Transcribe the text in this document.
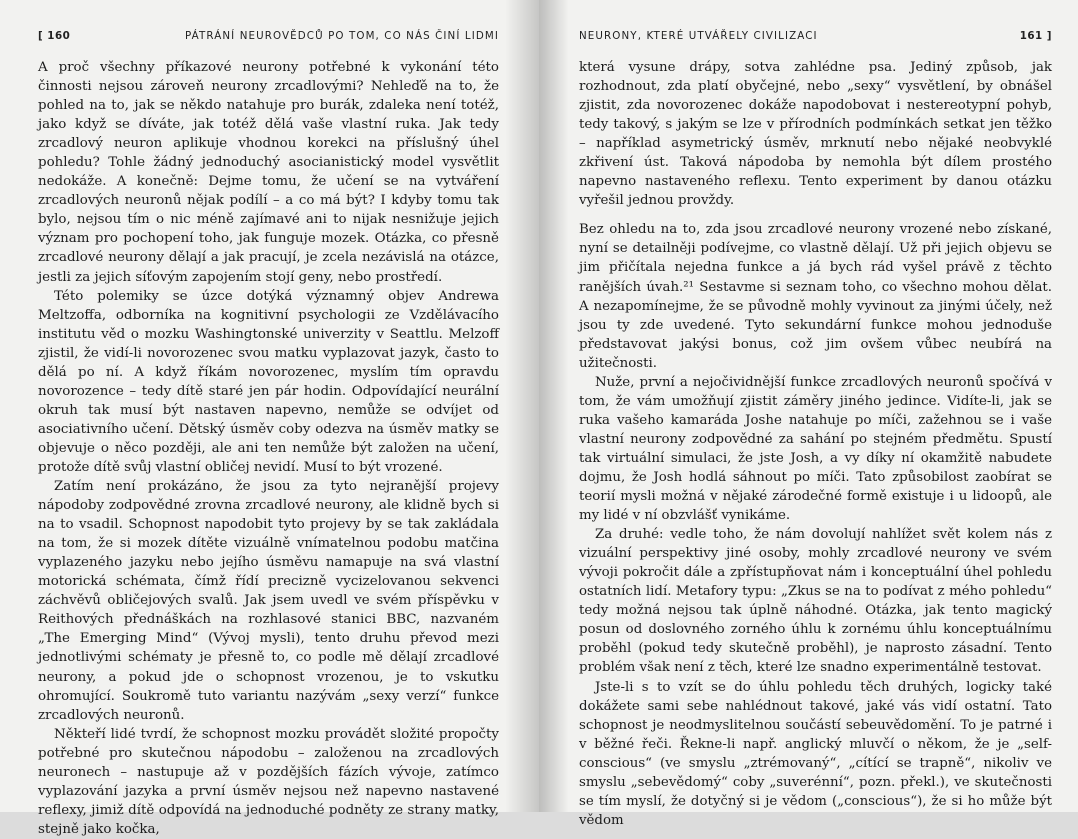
[ 160	PÁTRÁNÍ NEUROVĚDCŮ PO TOM, CO NÁS ČINÍ LIDMI

A proč všechny příkazové neurony potřebné k vykonání této činnosti nejsou zároveň neurony zrcadlovými? Nehleďě na to, že pohled na to, jak se někdo natahuje pro burák, zdaleka není totéž, jako když se díváte, jak totéž dělá vaše vlastní ruka. Jak tedy zrcadlový neuron aplikuje vhodnou korekci na příslušný úhel pohledu? Tohle žádný jednoduchý asocianistický model vysvětlit nedokáže. A konečně: Dejme tomu, že učení se na vytváření zrcadlových neuronů nějak podílí – a co má být? I kdyby tomu tak bylo, nejsou tím o nic méně zajímavé ani to nijak nesnižuje jejich význam pro pochopení toho, jak funguje mozek. Otázka, co přesně zrcadlové neurony dělají a jak pracují, je zcela nezávislá na otázce, jestli za jejich síťovým zapojením stojí geny, nebo prostředí.

Této polemiky se úzce dotýká významný objev Andrewa Meltzoffa, odborníka na kognitivní psychologii ze Vzdělávacího institutu věd o mozku Washingtonské univerzity v Seattlu. Melzoff zjistil, že vidí-li novorozenec svou matku vyplazovat jazyk, často to dělá po ní. A když říkám novorozenec, myslím tím opravdu novorozence – tedy dítě staré jen pár hodin. Odpovídající neurální okruh tak musí být nastaven napevno, nemůže se odvíjet od asociativního učení. Dětský úsměv coby odezva na úsměv matky se objevuje o něco později, ale ani ten nemůže být založen na učení, protože dítě svůj vlastní obličej nevidí. Musí to být vrozené.

Zatím není prokázáno, že jsou za tyto nejranější projevy nápodoby zodpovědné zrovna zrcadlové neurony, ale klidně bych si na to vsadil. Schopnost napodobit tyto projevy by se tak zakládala na tom, že si mozek dítěte vizuálně vnímatelnou podobu matčina vyplazeného jazyku nebo jejího úsměvu namapuje na svá vlastní motorická schémata, čímž řídí precizně vycizelovanou sekvenci záchvěvů obličejových svalů. Jak jsem uvedl ve svém příspěvku v Reithových přednáškách na rozhlasové stanici BBC, nazvaném „The Emerging Mind“ (Vývoj mysli), tento druhu převod mezi jednotlivými schématy je přesně to, co podle mě dělají zrcadlové neurony, a pokud jde o schopnost vrozenou, je to vskutku ohromující. Soukromě tuto variantu nazývám „sexy verzí“ funkce zrcadlových neuronů.

Někteří lidé tvrdí, že schopnost mozku provádět složité propočty potřebné pro skutečnou nápodobu – založenou na zrcadlových neuronech – nastupuje až v pozdějších fázích vývoje, zatímco vyplazování jazyka a první úsměv nejsou než napevno nastavené reflexy, jimiž dítě odpovídá na jednoduché podněty ze strany matky, stejně jako kočka,

NEURONY, KTERÉ UTVÁŘELY CIVILIZACI	161 ]

která vysune drápy, sotva zahlédne psa. Jediný způsob, jak rozhodnout, zda platí obyčejné, nebo „sexy“ vysvětlení, by obnášel zjistit, zda novorozenec dokáže napodobovat i nestereotypní pohyb, tedy takový, s jakým se lze v přírodních podmínkách setkat jen těžko – například asymetrický úsměv, mrknutí nebo nějaké neobvyklé zkřivení úst. Taková nápodoba by nemohla být dílem prostého napevno nastaveného reflexu. Tento experiment by danou otázku vyřešil jednou provždy.

Bez ohledu na to, zda jsou zrcadlové neurony vrozené nebo získané, nyní se detailněji podívejme, co vlastně dělají. Už při jejich objevu se jim přičítala nejedna funkce a já bych rád vyšel právě z těchto ranějších úvah.²¹ Sestavme si seznam toho, co všechno mohou dělat. A nezapomínejme, že se původně mohly vyvinout za jinými účely, než jsou ty zde uvedené. Tyto sekundární funkce mohou jednoduše představovat jakýsi bonus, což jim ovšem vůbec neubírá na užitečnosti.

Nuže, první a nejočividnější funkce zrcadlových neuronů spočívá v tom, že vám umožňují zjistit záměry jiného jedince. Vidíte-li, jak se ruka vašeho kamaráda Joshe natahuje po míči, zažehnou se i vaše vlastní neurony zodpovědné za sahání po stejném předmětu. Spustí tak virtuální simulaci, že jste Josh, a vy díky ní okamžitě nabudete dojmu, že Josh hodlá sáhnout po míči. Tato způsobilost zaobírat se teorií mysli možná v nějaké zárodečné formě existuje i u lidoopů, ale my lidé v ní obzvlášť vynikáme.

Za druhé: vedle toho, že nám dovolují nahlížet svět kolem nás z vizuální perspektivy jiné osoby, mohly zrcadlové neurony ve svém vývoji pokročit dále a zpřístupňovat nám i konceptuální úhel pohledu ostatních lidí. Metafory typu: „Zkus se na to podívat z mého pohledu“ tedy možná nejsou tak úplně náhodné. Otázka, jak tento magický posun od doslovného zorného úhlu k zornému úhlu konceptuálnímu proběhl (pokud tedy skutečně proběhl), je naprosto zásadní. Tento problém však není z těch, které lze snadno experimentálně testovat.

Jste-li s to vzít se do úhlu pohledu těch druhých, logicky také dokážete sami sebe nahlédnout takové, jaké vás vidí ostatní. Tato schopnost je neodmyslitelnou součástí sebeuvědomění. To je patrné i v běžné řeči. Řekne-li např. anglický mluvčí o někom, že je „self-conscious“ (ve smyslu „ztrémovaný“, „cítící se trapně“, nikoliv ve smyslu „sebevědomý“ coby „suverénní“, pozn. překl.), ve skutečnosti se tím myslí, že dotyčný si je vědom („conscious“), že si ho může být vědom
